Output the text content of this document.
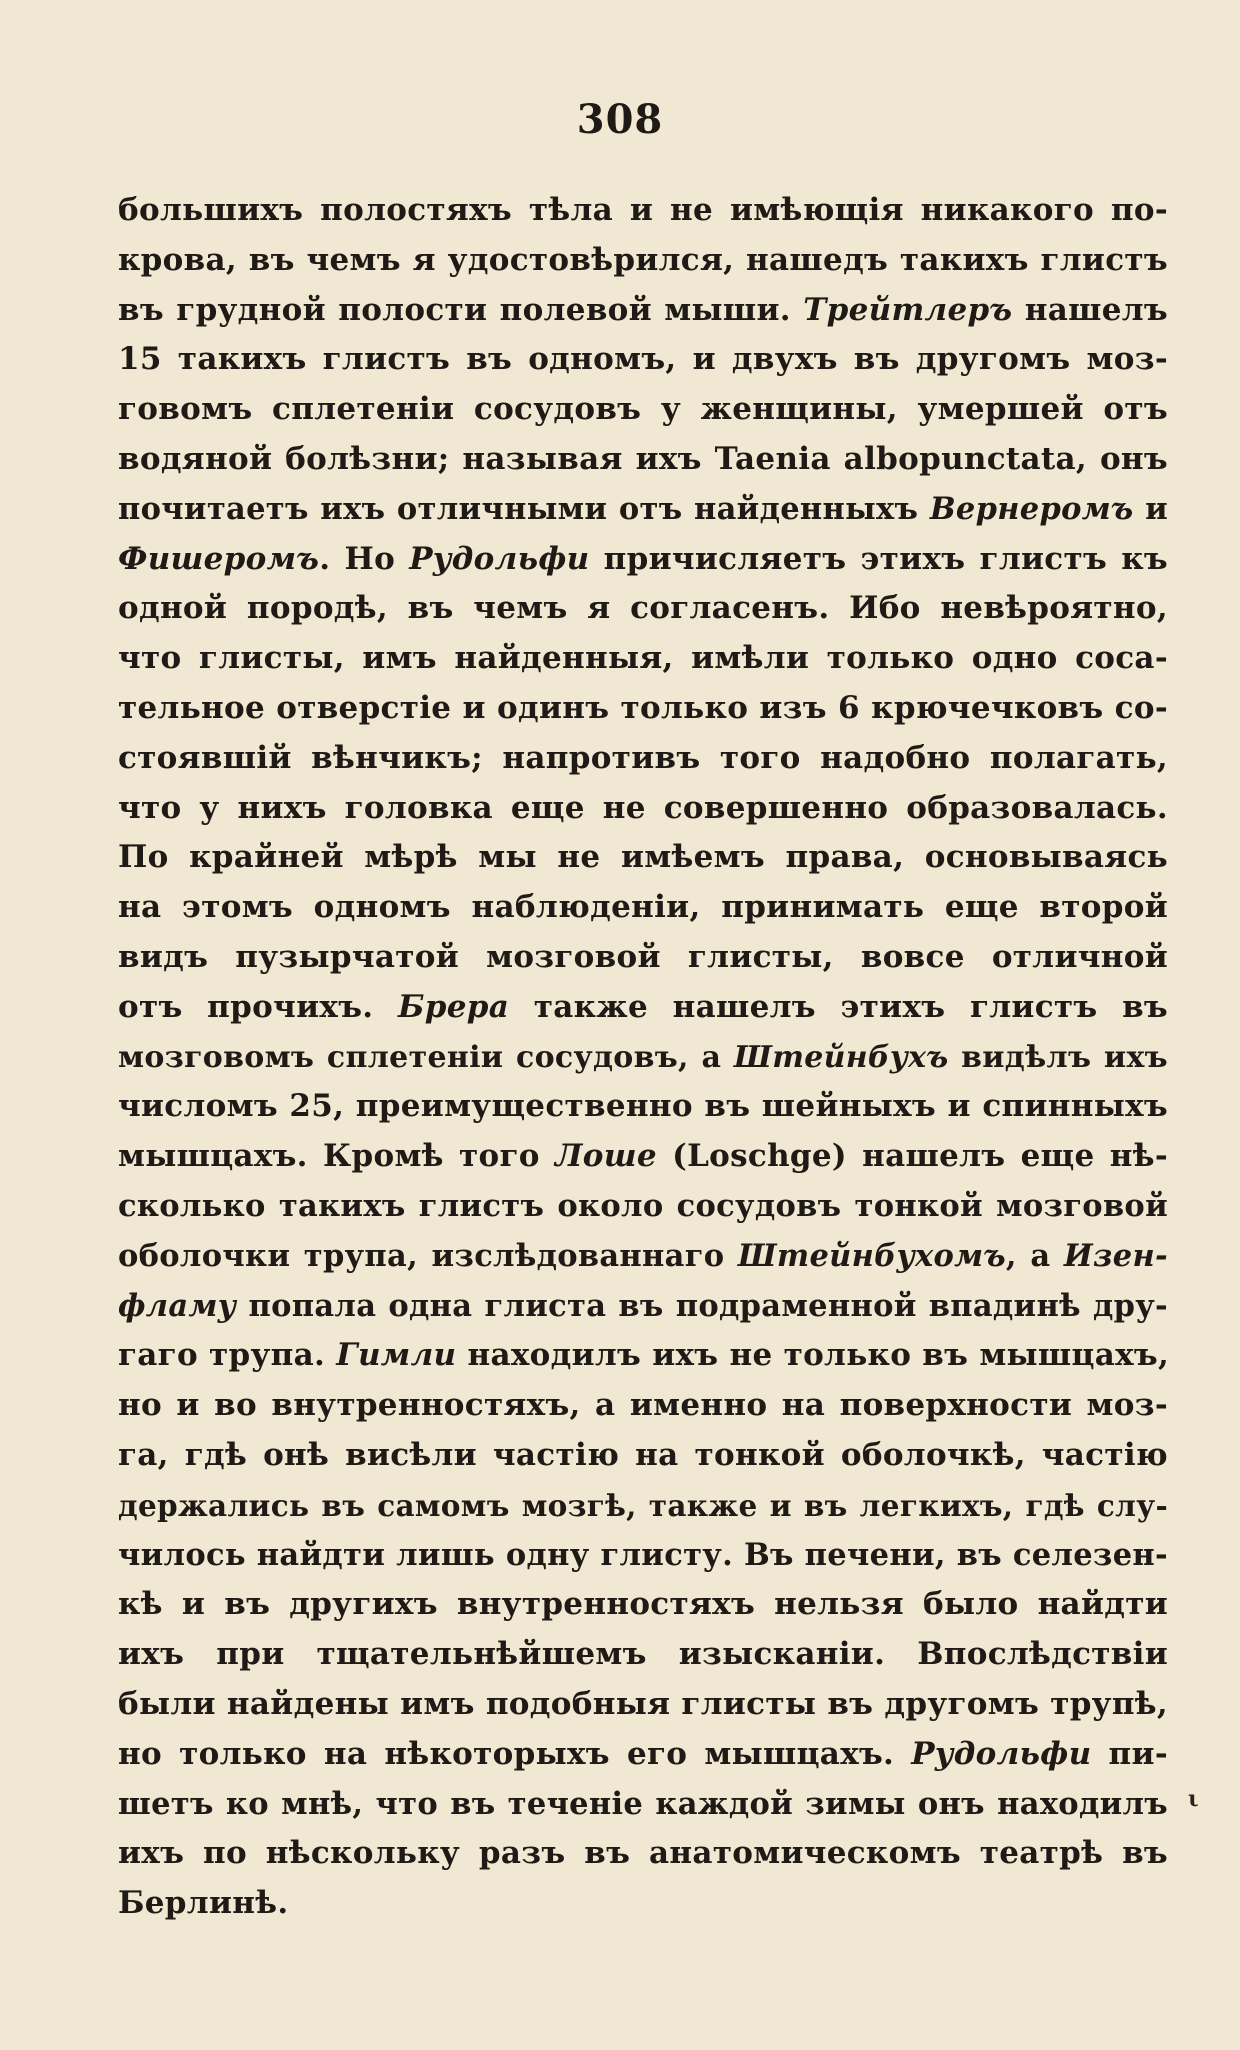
308
большихъ полостяхъ тѣла и не имѣющія никакого по-
крова, въ чемъ я удостовѣрился, нашедъ такихъ глистъ
въ грудной полости полевой мыши. Трейтлеръ нашелъ
15 такихъ глистъ въ одномъ, и двухъ въ другомъ моз-
говомъ сплетеніи сосудовъ у женщины, умершей отъ
водяной болѣзни; называя ихъ Taenia albopunctata, онъ
почитаетъ ихъ отличными отъ найденныхъ Вернеромъ и
Фишеромъ. Но Рудольфи причисляетъ этихъ глистъ къ
одной породѣ, въ чемъ я согласенъ. Ибо невѣроятно,
что глисты, имъ найденныя, имѣли только одно соса-
тельное отверстіе и одинъ только изъ 6 крючечковъ со-
стоявшій вѣнчикъ; напротивъ того надобно полагать,
что у нихъ головка еще не совершенно образовалась.
По крайней мѣрѣ мы не имѣемъ права, основываясь
на этомъ одномъ наблюденіи, принимать еще второй
видъ пузырчатой мозговой глисты, вовсе отличной
отъ прочихъ. Брера также нашелъ этихъ глистъ въ
мозговомъ сплетеніи сосудовъ, а Штейнбухъ видѣлъ ихъ
числомъ 25, преимущественно въ шейныхъ и спинныхъ
мышцахъ. Кромѣ того Лоше (Loschge) нашелъ еще нѣ-
сколько такихъ глистъ около сосудовъ тонкой мозговой
оболочки трупа, изслѣдованнаго Штейнбухомъ, а Изен-
фламу попала одна глиста въ подраменной впадинѣ дру-
гаго трупа. Гимли находилъ ихъ не только въ мышцахъ,
но и во внутренностяхъ, а именно на поверхности моз-
га, гдѣ онѣ висѣли частію на тонкой оболочкѣ, частію
держались въ самомъ мозгѣ, также и въ легкихъ, гдѣ слу-
чилось найдти лишь одну глисту. Въ печени, въ селезен-
кѣ и въ другихъ внутренностяхъ нельзя было найдти
ихъ при тщательнѣйшемъ изысканіи. Впослѣдствіи
были найдены имъ подобныя глисты въ другомъ трупѣ,
но только на нѣкоторыхъ его мышцахъ. Рудольфи пи-
шетъ ко мнѣ, что въ теченіе каждой зимы онъ находилъ
ихъ по нѣскольку разъ въ анатомическомъ театрѣ въ
Берлинѣ.
ι
